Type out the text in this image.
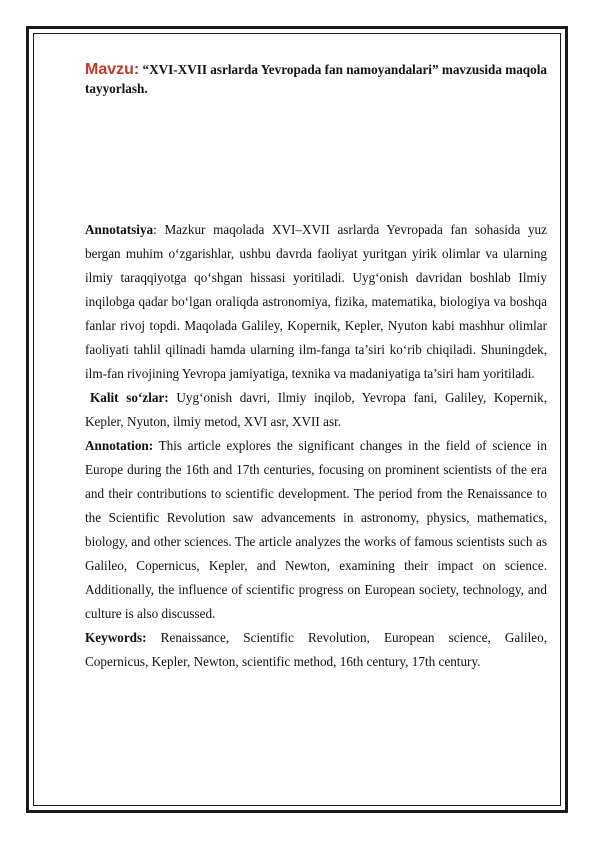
Mavzu: “XVI-XVII asrlarda Yevropada fan namoyandalari” mavzusida maqola tayyorlash.

Annotatsiya: Mazkur maqolada XVI–XVII asrlarda Yevropada fan sohasida yuz bergan muhim o‘zgarishlar, ushbu davrda faoliyat yuritgan yirik olimlar va ularning ilmiy taraqqiyotga qo‘shgan hissasi yoritiladi. Uyg‘onish davridan boshlab Ilmiy inqilobga qadar bo‘lgan oraliqda astronomiya, fizika, matematika, biologiya va boshqa fanlar rivoj topdi. Maqolada Galiley, Kopernik, Kepler, Nyuton kabi mashhur olimlar faoliyati tahlil qilinadi hamda ularning ilm-fanga ta’siri ko‘rib chiqiladi. Shuningdek, ilm-fan rivojining Yevropa jamiyatiga, texnika va madaniyatiga ta’siri ham yoritiladi.

Kalit so‘zlar: Uyg‘onish davri, Ilmiy inqilob, Yevropa fani, Galiley, Kopernik, Kepler, Nyuton, ilmiy metod, XVI asr, XVII asr.

Annotation: This article explores the significant changes in the field of science in Europe during the 16th and 17th centuries, focusing on prominent scientists of the era and their contributions to scientific development. The period from the Renaissance to the Scientific Revolution saw advancements in astronomy, physics, mathematics, biology, and other sciences. The article analyzes the works of famous scientists such as Galileo, Copernicus, Kepler, and Newton, examining their impact on science. Additionally, the influence of scientific progress on European society, technology, and culture is also discussed.

Keywords: Renaissance, Scientific Revolution, European science, Galileo, Copernicus, Kepler, Newton, scientific method, 16th century, 17th century.
